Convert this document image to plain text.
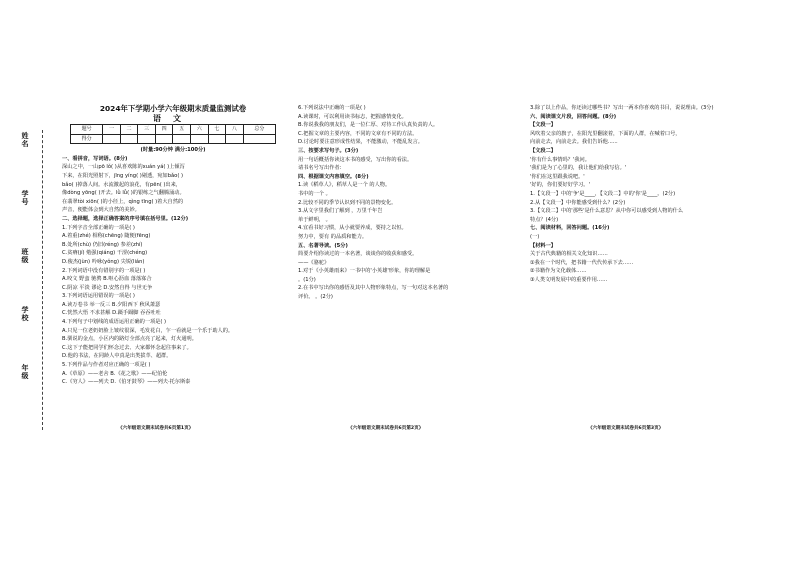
姓名
学号
班级
学校
年级
2024年下学期小学六年级期末质量监测试卷
语文
题号	一	二	三	四	五	六	七	八	总分
得分									
(时量:90分钟 满分:100分)

一、看拼音，写词语。(8分)

深山之中，一山pō lǒ( )从喜欢陈的xuán yá( )上倾泻

下来，在阳光照射下，jīng yíng( )剔透，宛如bǎo( )

bǎo( )掉落人间。水流激起的浪花，有pēn( )出来，

像dòng yōng( )开去。lǜ lǚ( )的银练之气翻腾涌动。

在翡翠tòi xiōn( )的小径上，qìng tīng( )着大自然的

声音，便能体会到大自然的美妙。

二、选择题，选择正确答案的序号填在括号里。(12分)

1.下列字音全部正确的一项是( )

A.着重(zhé) 相称(chēng) 随便(fēng)

B.处所(chù) 仍旧(réng) 参差(zhí)

C.贫瘠(jí) 勉强(qiáng) 干涩(chéng)

D.俊杰(jùn) 吟咏(yǒng) 尖锐(lián)

2.下列词语中没有错别字的一项是( )

A.咬文 野蛮 驰骋 B.呕心沥血 落落寡合

C.阴凉 平淡 谬论 D.安然自得 与世无争

3.下列词语运用错误的一项是( )

A.读万卷书 举一反三 B.夕阳西下 秋风萧瑟

C.恍然大悟 不求甚解 D.蹑手蹑脚 吞吞吐吐

4.下列句子中划线的成语运用正确的一项是( )

A.只见一位老奶奶脸上皱纹很深，毛发花白，乍一看就是一个乐于助人的。

B.驯说的金点，小区内的路灯全部点亮了起来，灯火通明。

C.这下子能把同学们怀念过去、大家都怀念起往事来了。

D.他的书法，在同龄人中真是出类拔萃、超群。

5.下列作品与作者对应正确的一项是( )

A.《草原》——老舍 B.《花之歌》——纪伯伦

C.《穷人》——列夫 D.《伯牙鼓琴》——列夫·托尔斯泰

6.下列说法中正确的一项是( )

A.读课时，可以利用读书标志，把握感情变化。

B.你说我我的朋友们，是一位仁厚、对待工作认真负责的人。

C.把握文章的主要内容，不同的文章有不同的方法。

D.讨论时要注意形成性结果，不能激动，不能乱发言。

三、按要求写句子。(3分)

用一句话概括你读这本书的感受，写出你的看法。

请书名号写出作者：

四、根据课文内容填空。(8分)

1.读《稻草人》，稻草人是一个 的人物。

书中的一个 。

2.比较不同的季节认识到不同的景物变化。

3.从文字里我们了解到 ，万里千年岂

单于鲜明， 。

4.宜看书好习惯，从小就要养成，要持之以恒。

努力中，要有 的品质和能力。

五、名著导读。(5分)

简要介绍你读过的一本名著，谈谈你的收获和感受。

——《骆驼》

1.对于《小英雄雨来》一书中的'小英雄'形象，你的理解是

。(1分)

2.在书中写出你的感悟及其中人物形象特点，写一句对这本名著的

评价。 。(2分)

3.除了以上作品，你还读过哪些书？写出一两本你喜欢的书目，说说理由。(3分)

六、阅读课文片段，回答问题。(8分)

【文段一】

风吹着父亲的旗子，在阳光里翻滚着，下面的人群，在喊着口号，

向前走去，向前走去。我们告诉他......

【文段二】

'你有什么事情吗？'我问。

'我们是为了心里的，我让他们给我写信。'

'你们在这里跟我说吧。'

'好的，你们要好好学习。'

1.【文段一】中的'争'是____，【文段二】中的'你'是____。(2分)

2.从【文段一】中你能感受到什么？(2分)

3.【文段二】中的'那些'是什么意思？从中你可以感受到人物的什么

特点？(4分)

七、阅读材料，回答问题。(16分)

(一)

【材料一】

关于古代典籍的相关文化知识……

①我在一个时代，把书籍一代代传承下去……

②书籍作为文化载体……

③人类文明发展中的重要作用……

《六年级语文期末试卷共6页第1页》	《六年级语文期末试卷共6页第2页》	《六年级语文期末试卷共6页第3页》
